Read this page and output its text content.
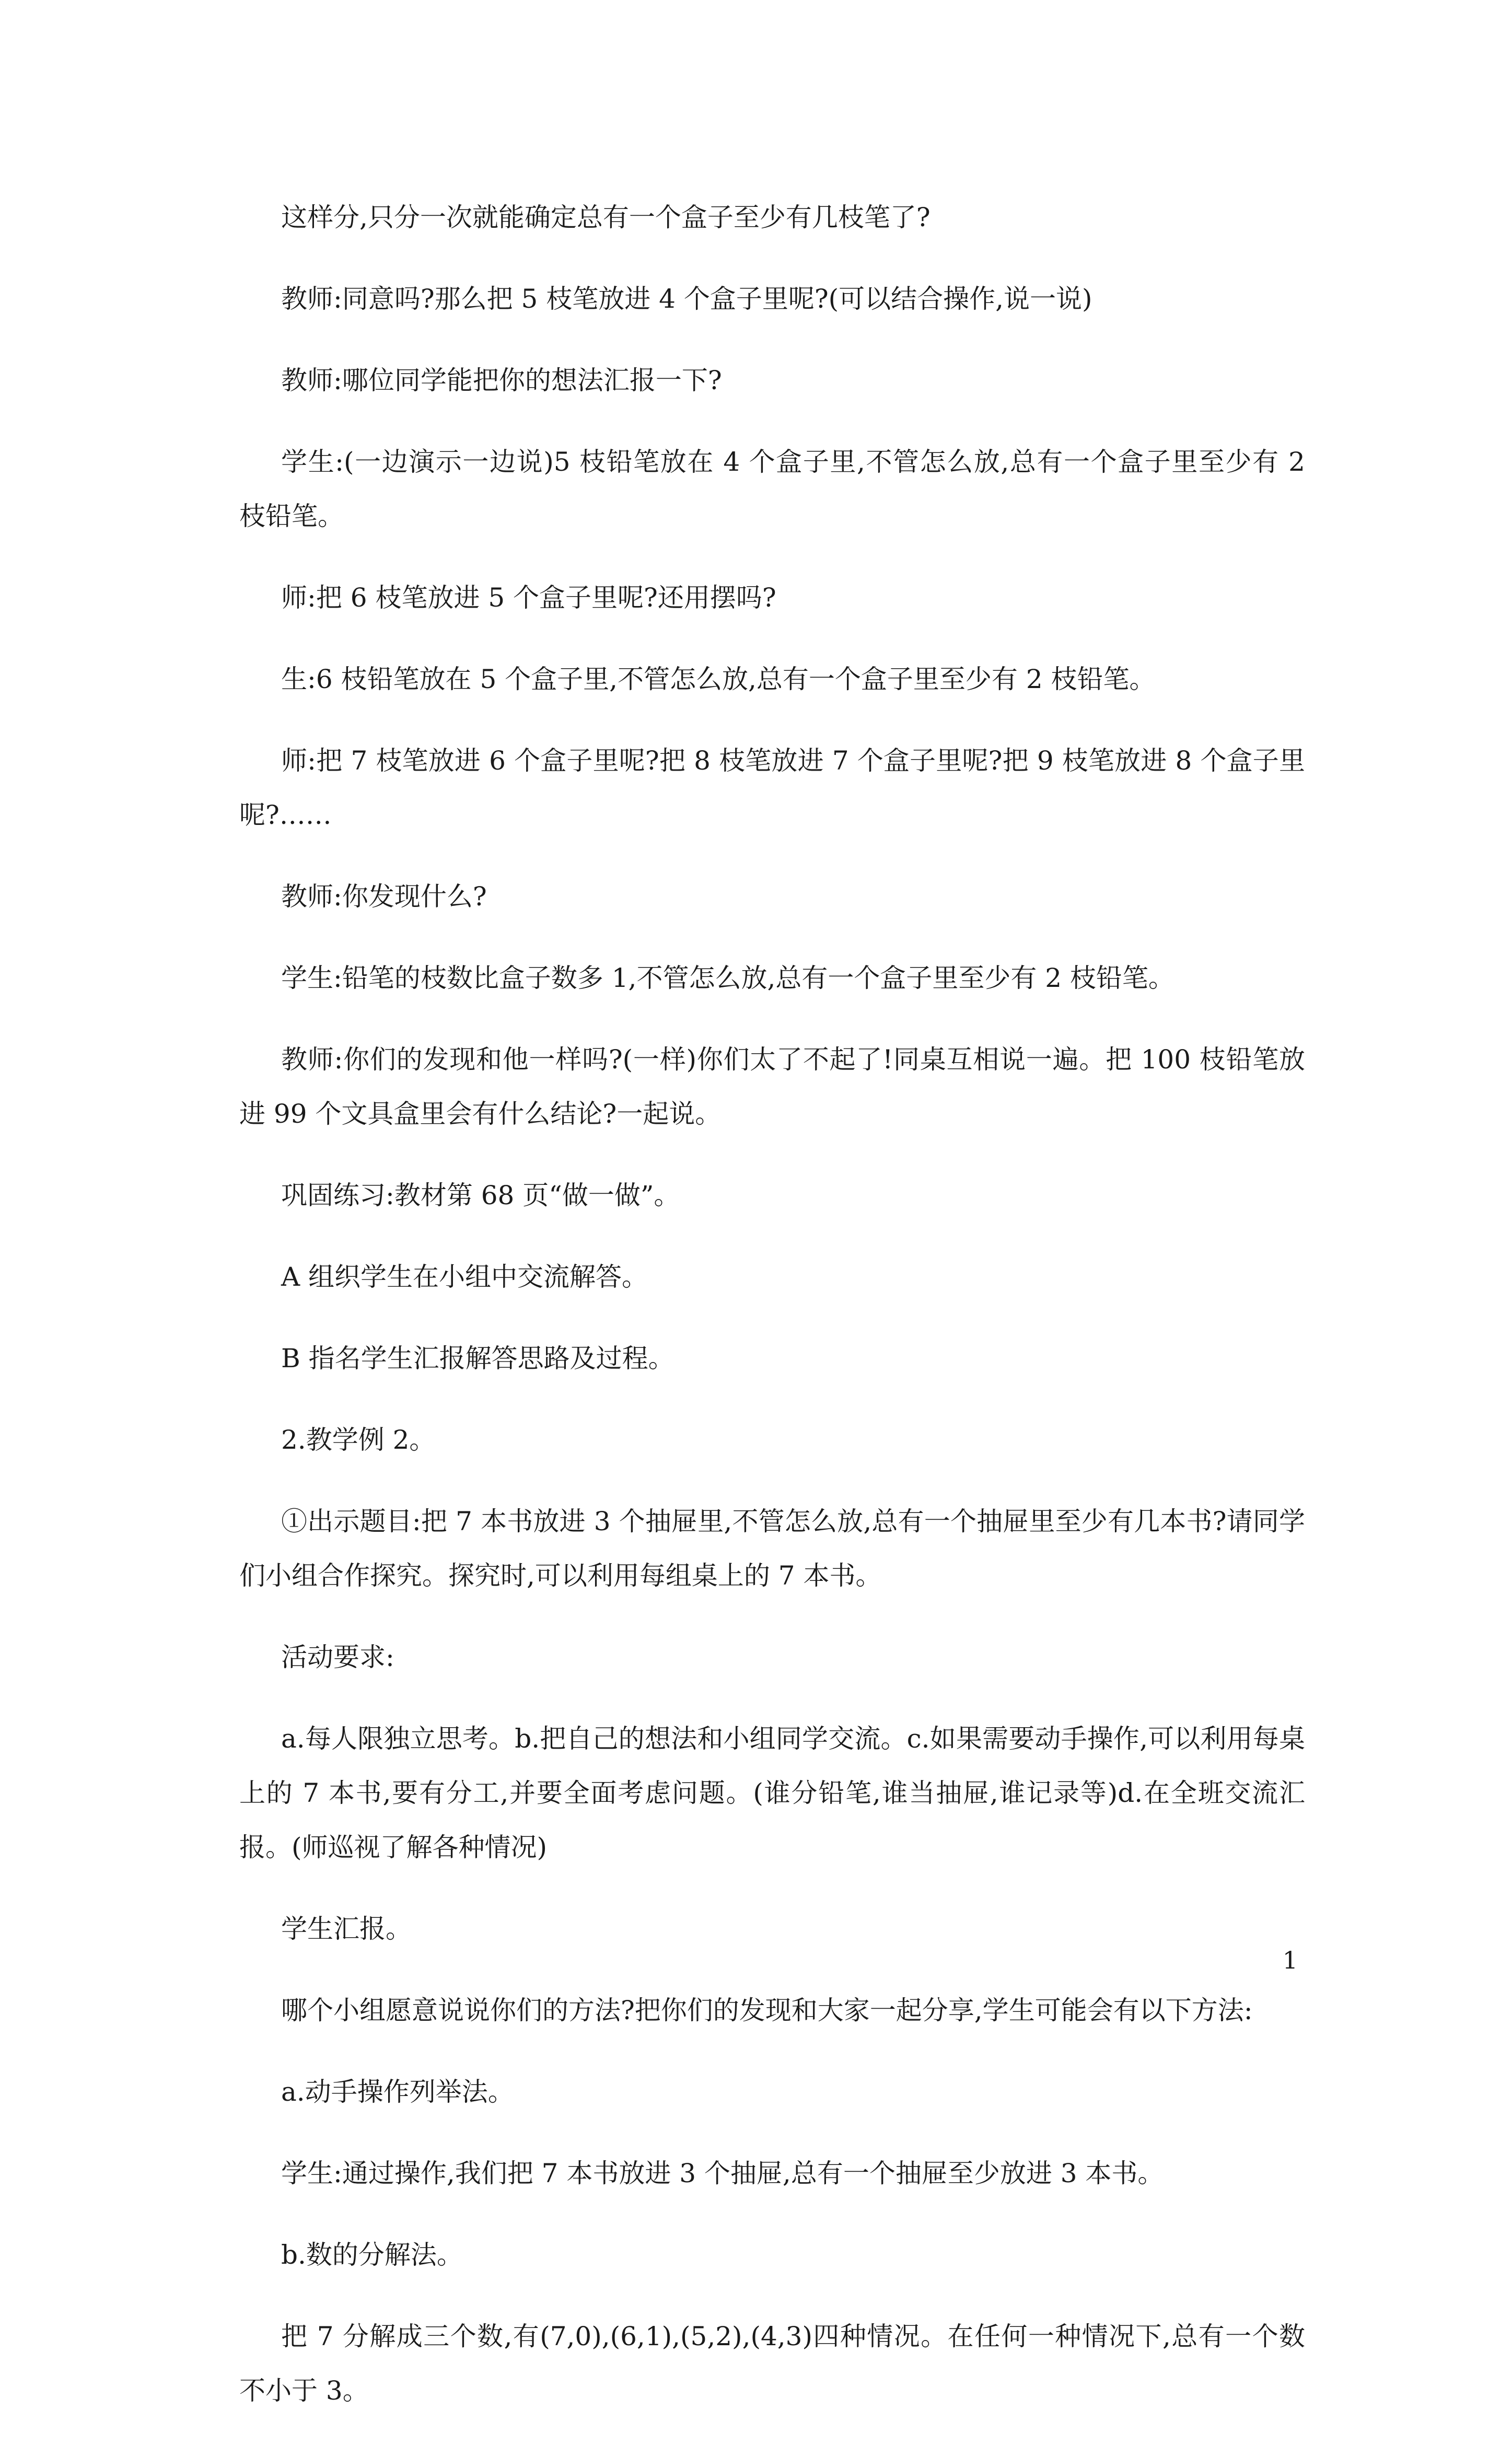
这样分,只分一次就能确定总有一个盒子至少有几枝笔了?

教师:同意吗?那么把 5 枝笔放进 4 个盒子里呢?(可以结合操作,说一说)

教师:哪位同学能把你的想法汇报一下?

学生:(一边演示一边说)5 枝铅笔放在 4 个盒子里,不管怎么放,总有一个盒子里至少有 2 枝铅笔。

师:把 6 枝笔放进 5 个盒子里呢?还用摆吗?

生:6 枝铅笔放在 5 个盒子里,不管怎么放,总有一个盒子里至少有 2 枝铅笔。

师:把 7 枝笔放进 6 个盒子里呢?把 8 枝笔放进 7 个盒子里呢?把 9 枝笔放进 8 个盒子里呢?……

教师:你发现什么?

学生:铅笔的枝数比盒子数多 1,不管怎么放,总有一个盒子里至少有 2 枝铅笔。

教师:你们的发现和他一样吗?(一样)你们太了不起了!同桌互相说一遍。把 100 枝铅笔放进 99 个文具盒里会有什么结论?一起说。

巩固练习:教材第 68 页“做一做”。

A 组织学生在小组中交流解答。

B 指名学生汇报解答思路及过程。

2.教学例 2。

①出示题目:把 7 本书放进 3 个抽屉里,不管怎么放,总有一个抽屉里至少有几本书?请同学们小组合作探究。探究时,可以利用每组桌上的 7 本书。

活动要求:

a.每人限独立思考。b.把自己的想法和小组同学交流。c.如果需要动手操作,可以利用每桌上的 7 本书,要有分工,并要全面考虑问题。(谁分铅笔,谁当抽屉,谁记录等)d.在全班交流汇报。(师巡视了解各种情况)

学生汇报。

哪个小组愿意说说你们的方法?把你们的发现和大家一起分享,学生可能会有以下方法:

a.动手操作列举法。

学生:通过操作,我们把 7 本书放进 3 个抽屉,总有一个抽屉至少放进 3 本书。

b.数的分解法。

把 7 分解成三个数,有(7,0),(6,1),(5,2),(4,3)四种情况。在任何一种情况下,总有一个数不小于 3。

1
